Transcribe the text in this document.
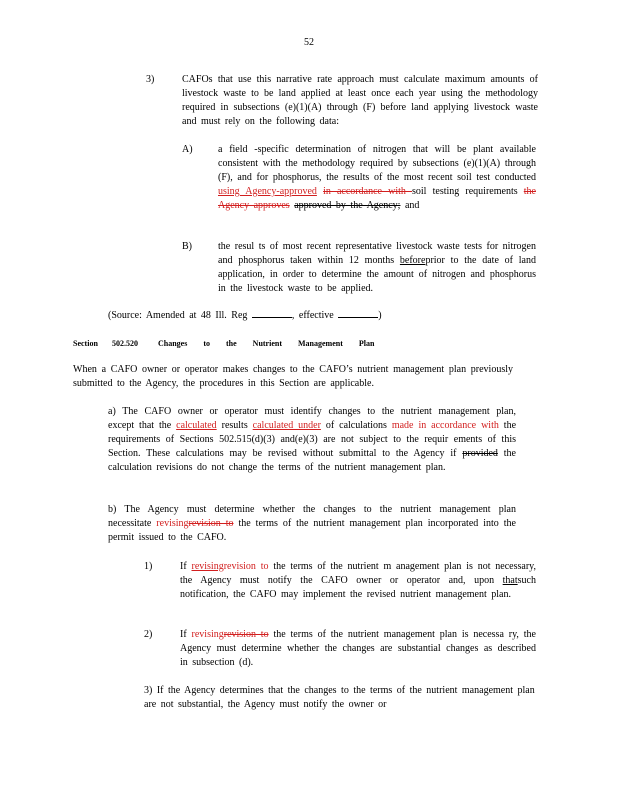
52
3)	CAFOs that use this narrative rate approach must calculate maximum amounts of livestock waste to be land applied at least once each year using the methodology required in subsections (e)(1)(A) through (F) before land applying livestock waste and must rely on the following data:
A)	a field -specific determination of nitrogen that will be plant available consistent with the methodology required by subsections (e)(1)(A) through (F), and for phosphorus, the results of the most recent soil test conducted using Agency-approved in accordance with soil testing requirements the Agency approves approved by the Agency; and
B)	the resul ts of most recent representative livestock waste tests for nitrogen and phosphorus taken within 12 months beforeprior to the date of land application, in order to determine the amount of nitrogen and phosphorus in the livestock waste to be applied.
(Source: Amended at 48 Ill. Reg	, effective	)
Section 502.520	Changes to the Nutrient Management Plan
When a CAFO owner or operator makes changes to the CAFO’s nutrient management plan previously submitted to the Agency, the procedures in this Section are applicable.
a) The CAFO owner or operator must identify changes to the nutrient management plan, except that the calculated results calculated under of calculations made in accordance with the requirements of Sections 502.515(d)(3) and(e)(3) are not subject to the requir ements of this Section. These calculations may be revised without submittal to the Agency if provided the calculation revisions do not change the terms of the nutrient management plan.
b) The Agency must determine whether the changes to the nutrient management plan necessitate revisingrevision to the terms of the nutrient management plan incorporated into the permit issued to the CAFO.
1)	If revisingrevision to the terms of the nutrient m anagement plan is not necessary, the Agency must notify the CAFO owner or operator and, upon thatsuch notification, the CAFO may implement the revised nutrient management plan.
2)	If revisingrevision to the terms of the nutrient management plan is necessa ry, the Agency must determine whether the changes are substantial changes as described in subsection (d).
3) If the Agency determines that the changes to the terms of the nutrient management plan are not substantial, the Agency must notify the owner or
